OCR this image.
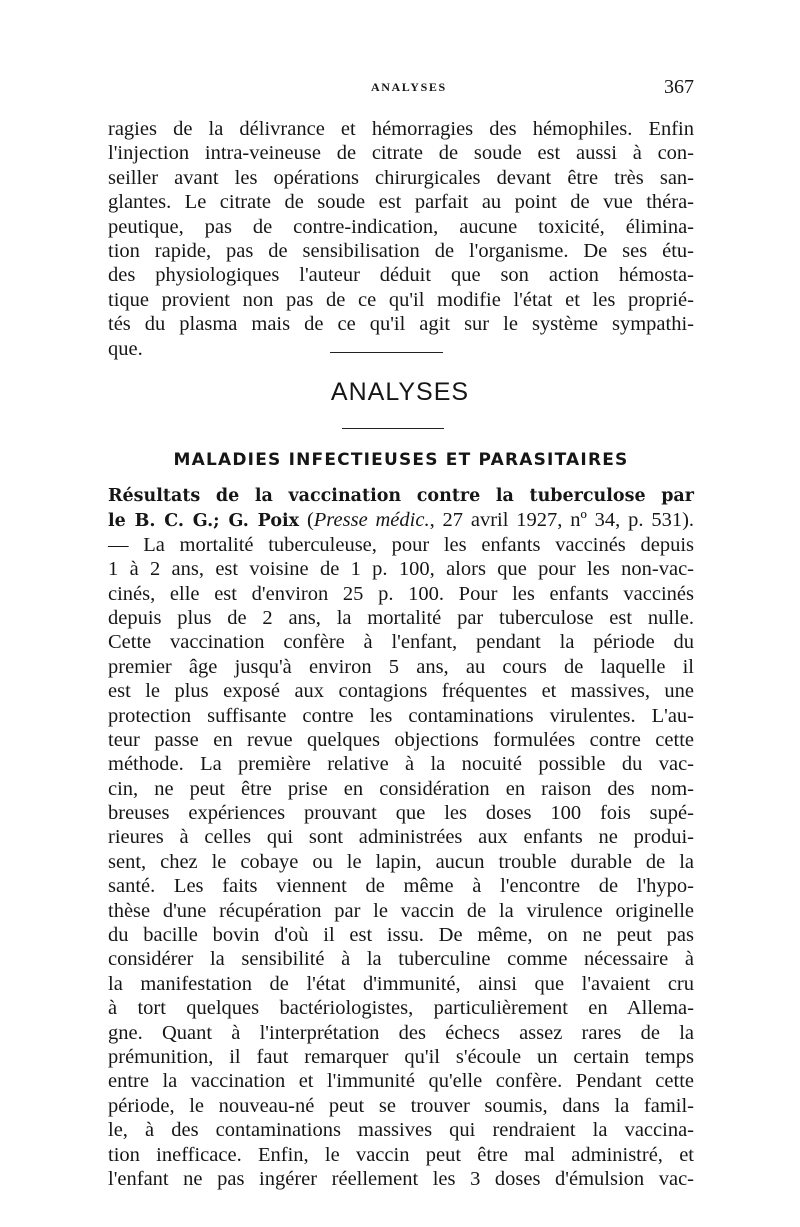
ANALYSES	367
ragies de la délivrance et hémorragies des hémophiles. Enfin
l'injection intra-veineuse de citrate de soude est aussi à con-
seiller avant les opérations chirurgicales devant être très san-
glantes. Le citrate de soude est parfait au point de vue théra-
peutique, pas de contre-indication, aucune toxicité, élimina-
tion rapide, pas de sensibilisation de l'organisme. De ses étu-
des physiologiques l'auteur déduit que son action hémosta-
tique provient non pas de ce qu'il modifie l'état et les proprié-
tés du plasma mais de ce qu'il agit sur le système sympathi-
que.
ANALYSES
MALADIES INFECTIEUSES ET PARASITAIRES
Résultats de la vaccination contre la tuberculose par
le B. C. G.; G. Poix (Presse médic., 27 avril 1927, nº 34, p. 531).
— La mortalité tuberculeuse, pour les enfants vaccinés depuis
1 à 2 ans, est voisine de 1 p. 100, alors que pour les non-vac-
cinés, elle est d'environ 25 p. 100. Pour les enfants vaccinés
depuis plus de 2 ans, la mortalité par tuberculose est nulle.
Cette vaccination confère à l'enfant, pendant la période du
premier âge jusqu'à environ 5 ans, au cours de laquelle il
est le plus exposé aux contagions fréquentes et massives, une
protection suffisante contre les contaminations virulentes. L'au-
teur passe en revue quelques objections formulées contre cette
méthode. La première relative à la nocuité possible du vac-
cin, ne peut être prise en considération en raison des nom-
breuses expériences prouvant que les doses 100 fois supé-
rieures à celles qui sont administrées aux enfants ne produi-
sent, chez le cobaye ou le lapin, aucun trouble durable de la
santé. Les faits viennent de même à l'encontre de l'hypo-
thèse d'une récupération par le vaccin de la virulence originelle
du bacille bovin d'où il est issu. De même, on ne peut pas
considérer la sensibilité à la tuberculine comme nécessaire à
la manifestation de l'état d'immunité, ainsi que l'avaient cru
à tort quelques bactériologistes, particulièrement en Allema-
gne. Quant à l'interprétation des échecs assez rares de la
prémunition, il faut remarquer qu'il s'écoule un certain temps
entre la vaccination et l'immunité qu'elle confère. Pendant cette
période, le nouveau-né peut se trouver soumis, dans la famil-
le, à des contaminations massives qui rendraient la vaccina-
tion inefficace. Enfin, le vaccin peut être mal administré, et
l'enfant ne pas ingérer réellement les 3 doses d'émulsion vac-
